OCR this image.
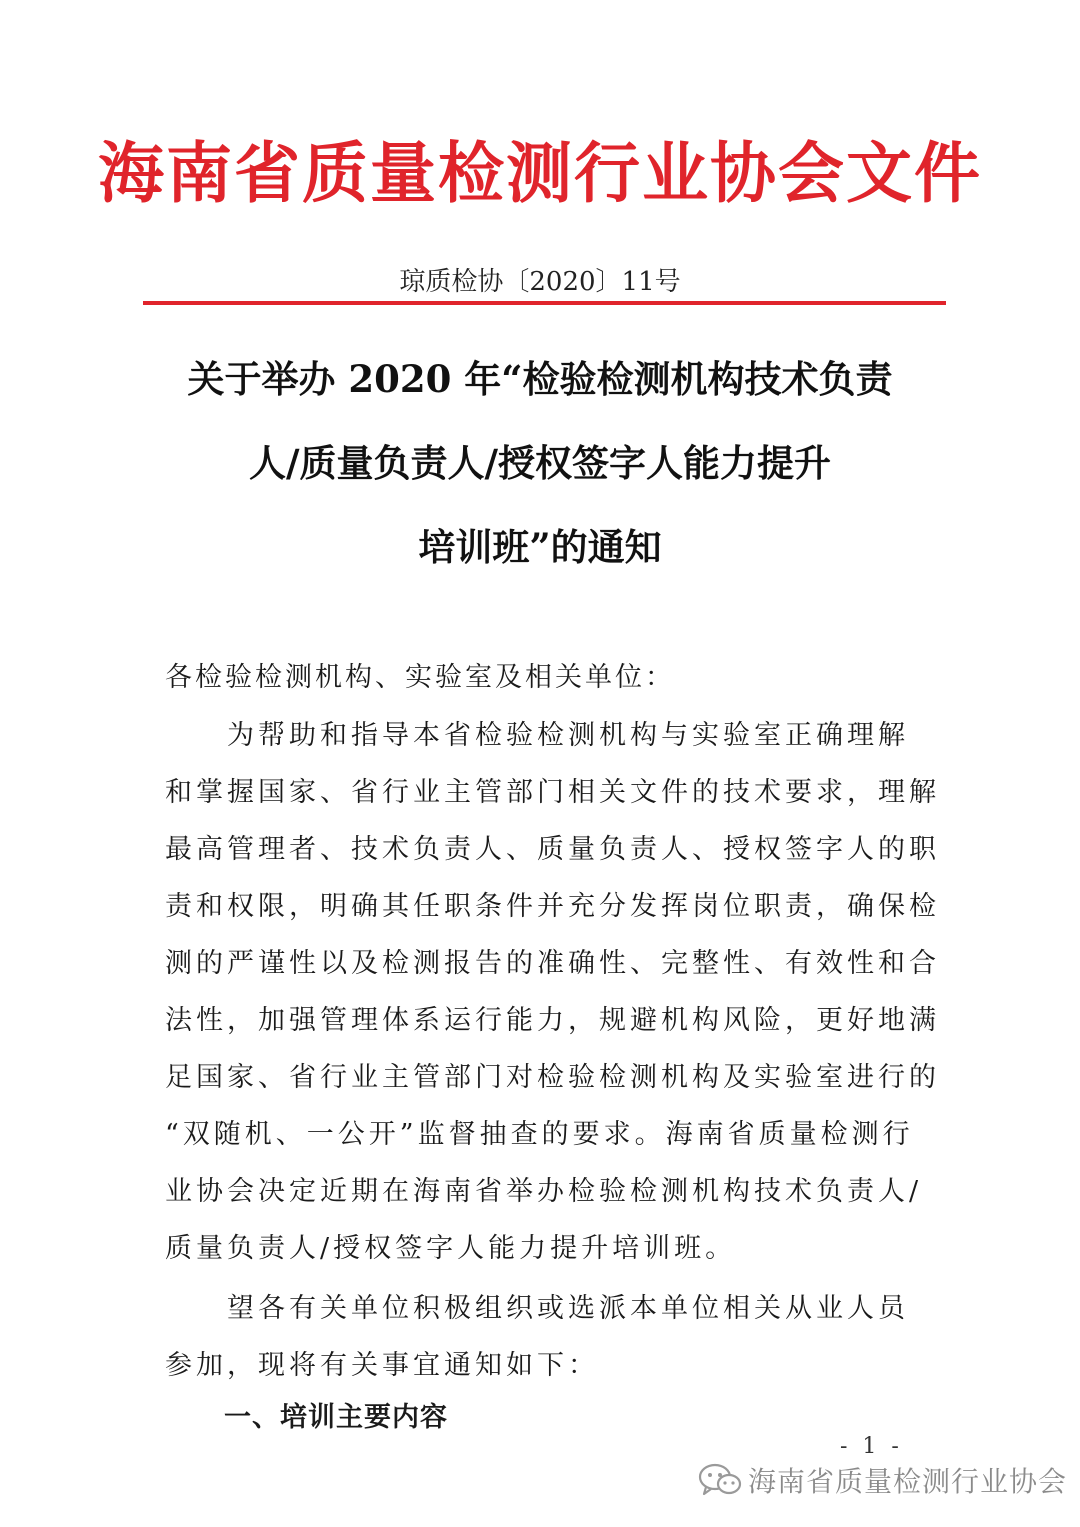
海南省质量检测行业协会文件
琼质检协〔2020〕11号
关于举办 2020 年“检验检测机构技术负责
人/质量负责人/授权签字人能力提升
培训班”的通知
各检验检测机构、实验室及相关单位：
　　为帮助和指导本省检验检测机构与实验室正确理解
和掌握国家、省行业主管部门相关文件的技术要求，理解
最高管理者、技术负责人、质量负责人、授权签字人的职
责和权限，明确其任职条件并充分发挥岗位职责，确保检
测的严谨性以及检测报告的准确性、完整性、有效性和合
法性，加强管理体系运行能力，规避机构风险，更好地满
足国家、省行业主管部门对检验检测机构及实验室进行的
“双随机、一公开”监督抽查的要求。海南省质量检测行
业协会决定近期在海南省举办检验检测机构技术负责人/
质量负责人/授权签字人能力提升培训班。
　　望各有关单位积极组织或选派本单位相关从业人员
参加，现将有关事宜通知如下：
一、培训主要内容
- 1 -
海南省质量检测行业协会
